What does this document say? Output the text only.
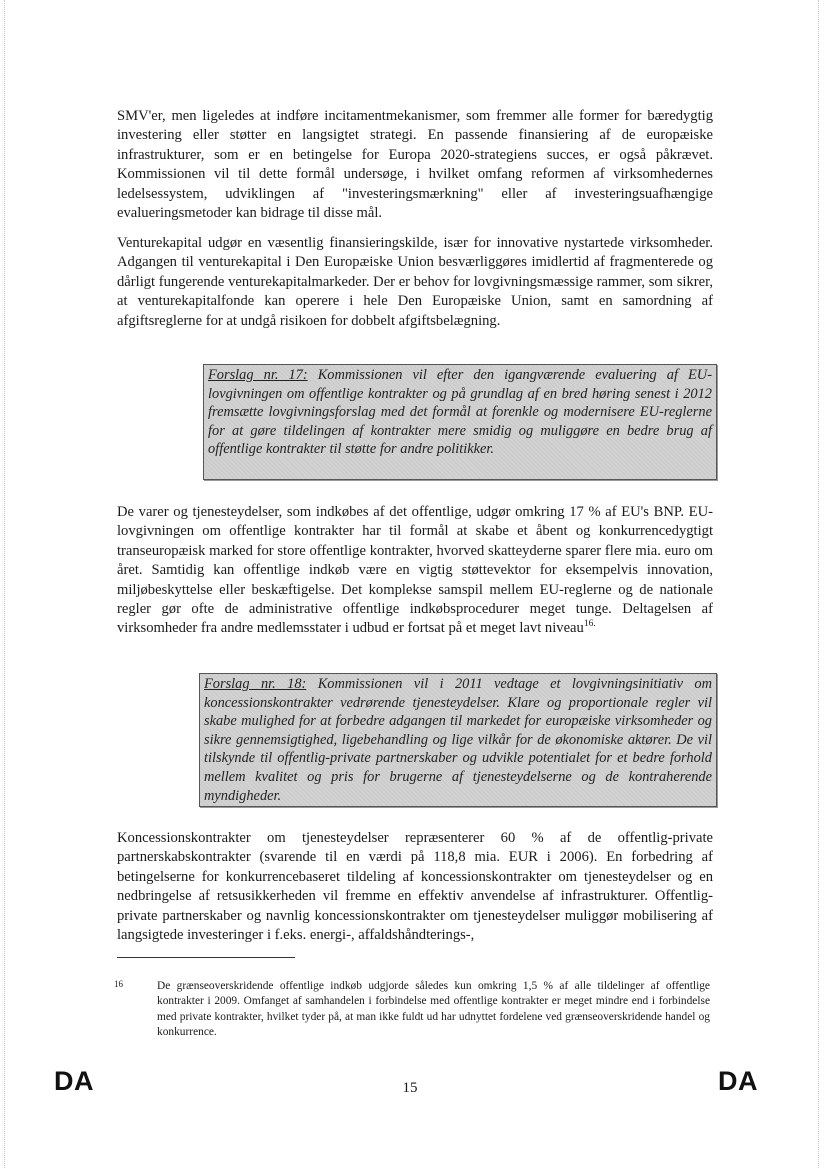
SMV'er, men ligeledes at indføre incitamentmekanismer, som fremmer alle former for bæredygtig investering eller støtter en langsigtet strategi. En passende finansiering af de europæiske infrastrukturer, som er en betingelse for Europa 2020-strategiens succes, er også påkrævet. Kommissionen vil til dette formål undersøge, i hvilket omfang reformen af virksomhedernes ledelsessystem, udviklingen af "investeringsmærkning" eller af investeringsuafhængige evalueringsmetoder kan bidrage til disse mål.

Venturekapital udgør en væsentlig finansieringskilde, især for innovative nystartede virksomheder. Adgangen til venturekapital i Den Europæiske Union besværliggøres imidlertid af fragmenterede og dårligt fungerende venturekapitalmarkeder. Der er behov for lovgivningsmæssige rammer, som sikrer, at venturekapitalfonde kan operere i hele Den Europæiske Union, samt en samordning af afgiftsreglerne for at undgå risikoen for dobbelt afgiftsbelægning.

Forslag nr. 17: Kommissionen vil efter den igangværende evaluering af EU-lovgivningen om offentlige kontrakter og på grundlag af en bred høring senest i 2012 fremsætte lovgivningsforslag med det formål at forenkle og modernisere EU-reglerne for at gøre tildelingen af kontrakter mere smidig og muliggøre en bedre brug af offentlige kontrakter til støtte for andre politikker.

De varer og tjenesteydelser, som indkøbes af det offentlige, udgør omkring 17 % af EU's BNP. EU-lovgivningen om offentlige kontrakter har til formål at skabe et åbent og konkurrencedygtigt transeuropæisk marked for store offentlige kontrakter, hvorved skatteyderne sparer flere mia. euro om året. Samtidig kan offentlige indkøb være en vigtig støttevektor for eksempelvis innovation, miljøbeskyttelse eller beskæftigelse. Det komplekse samspil mellem EU-reglerne og de nationale regler gør ofte de administrative offentlige indkøbsprocedurer meget tunge. Deltagelsen af virksomheder fra andre medlemsstater i udbud er fortsat på et meget lavt niveau$^{16.}$

Forslag nr. 18: Kommissionen vil i 2011 vedtage et lovgivningsinitiativ om koncessionskontrakter vedrørende tjenesteydelser. Klare og proportionale regler vil skabe mulighed for at forbedre adgangen til markedet for europæiske virksomheder og sikre gennemsigtighed, ligebehandling og lige vilkår for de økonomiske aktører. De vil tilskynde til offentlig-private partnerskaber og udvikle potentialet for et bedre forhold mellem kvalitet og pris for brugerne af tjenesteydelserne og de kontraherende myndigheder.

Koncessionskontrakter om tjenesteydelser repræsenterer 60 % af de offentlig-private partnerskabskontrakter (svarende til en værdi på 118,8 mia. EUR i 2006). En forbedring af betingelserne for konkurrencebaseret tildeling af koncessionskontrakter om tjenesteydelser og en nedbringelse af retsusikkerheden vil fremme en effektiv anvendelse af infrastrukturer. Offentlig-private partnerskaber og navnlig koncessionskontrakter om tjenesteydelser muliggør mobilisering af langsigtede investeringer i f.eks. energi-, affaldshåndterings-,

16	De grænseoverskridende offentlige indkøb udgjorde således kun omkring 1,5 % af alle tildelinger af offentlige kontrakter i 2009. Omfanget af samhandelen i forbindelse med offentlige kontrakter er meget mindre end i forbindelse med private kontrakter, hvilket tyder på, at man ikke fuldt ud har udnyttet fordelene ved grænseoverskridende handel og konkurrence.

DA	15	DA
